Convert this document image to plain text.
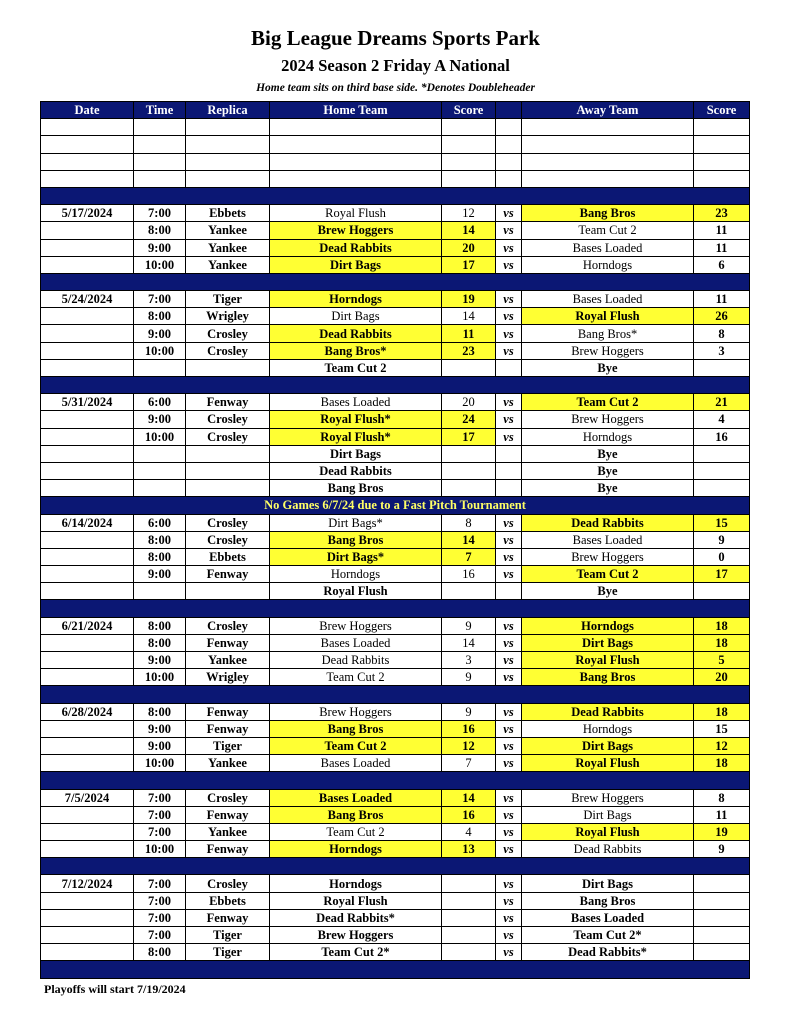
Big League Dreams Sports Park
2024 Season 2 Friday A National
Home team sits on third base side. *Denotes Doubleheader
Date	Time	Replica	Home Team	Score		Away Team	Score

5/17/2024	7:00	Ebbets	Royal Flush	12	vs	Bang Bros	23
	8:00	Yankee	Brew Hoggers	14	vs	Team Cut 2	11
	9:00	Yankee	Dead Rabbits	20	vs	Bases Loaded	11
	10:00	Yankee	Dirt Bags	17	vs	Horndogs	6

5/24/2024	7:00	Tiger	Horndogs	19	vs	Bases Loaded	11
	8:00	Wrigley	Dirt Bags	14	vs	Royal Flush	26
	9:00	Crosley	Dead Rabbits	11	vs	Bang Bros*	8
	10:00	Crosley	Bang Bros*	23	vs	Brew Hoggers	3
			Team Cut 2			Bye	

5/31/2024	6:00	Fenway	Bases Loaded	20	vs	Team Cut 2	21
	9:00	Crosley	Royal Flush*	24	vs	Brew Hoggers	4
	10:00	Crosley	Royal Flush*	17	vs	Horndogs	16
			Dirt Bags			Bye	
			Dead Rabbits			Bye	
			Bang Bros			Bye	
No Games 6/7/24 due to a Fast Pitch Tournament							
6/14/2024	6:00	Crosley	Dirt Bags*	8	vs	Dead Rabbits	15
	8:00	Crosley	Bang Bros	14	vs	Bases Loaded	9
	8:00	Ebbets	Dirt Bags*	7	vs	Brew Hoggers	0
	9:00	Fenway	Horndogs	16	vs	Team Cut 2	17
			Royal Flush			Bye	

6/21/2024	8:00	Crosley	Brew Hoggers	9	vs	Horndogs	18
	8:00	Fenway	Bases Loaded	14	vs	Dirt Bags	18
	9:00	Yankee	Dead Rabbits	3	vs	Royal Flush	5
	10:00	Wrigley	Team Cut 2	9	vs	Bang Bros	20

6/28/2024	8:00	Fenway	Brew Hoggers	9	vs	Dead Rabbits	18
	9:00	Fenway	Bang Bros	16	vs	Horndogs	15
	9:00	Tiger	Team Cut 2	12	vs	Dirt Bags	12
	10:00	Yankee	Bases Loaded	7	vs	Royal Flush	18

7/5/2024	7:00	Crosley	Bases Loaded	14	vs	Brew Hoggers	8
	7:00	Fenway	Bang Bros	16	vs	Dirt Bags	11
	7:00	Yankee	Team Cut 2	4	vs	Royal Flush	19
	10:00	Fenway	Horndogs	13	vs	Dead Rabbits	9

7/12/2024	7:00	Crosley	Horndogs		vs	Dirt Bags	
	7:00	Ebbets	Royal Flush		vs	Bang Bros	
	7:00	Fenway	Dead Rabbits*		vs	Bases Loaded	
	7:00	Tiger	Brew Hoggers		vs	Team Cut 2*	
	8:00	Tiger	Team Cut 2*		vs	Dead Rabbits*	

Playoffs will start 7/19/2024
